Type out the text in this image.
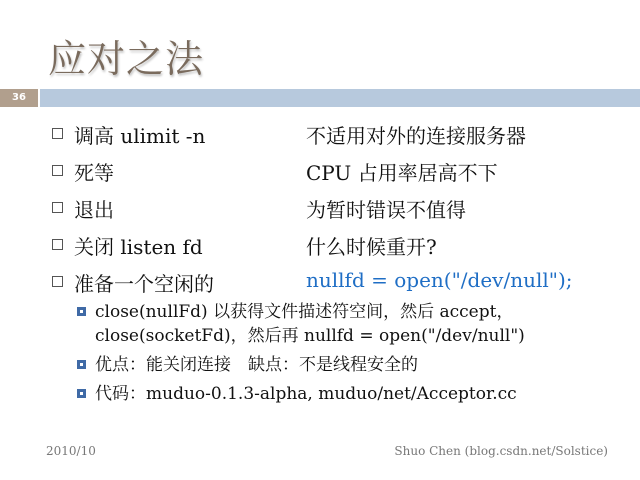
应对之法
36
调高 ulimit -n	不适用对外的连接服务器
死等	CPU 占用率居高不下
退出	为暂时错误不值得
关闭 listen fd	什么时候重开?
准备一个空闲的	nullfd = open("/dev/null");
close(nullFd) 以获得文件描述符空间，然后 accept，
close(socketFd)，然后再 nullfd = open("/dev/null")
优点：能关闭连接　缺点：不是线程安全的
代码：muduo-0.1.3-alpha, muduo/net/Acceptor.cc
2010/10	Shuo Chen (blog.csdn.net/Solstice)
